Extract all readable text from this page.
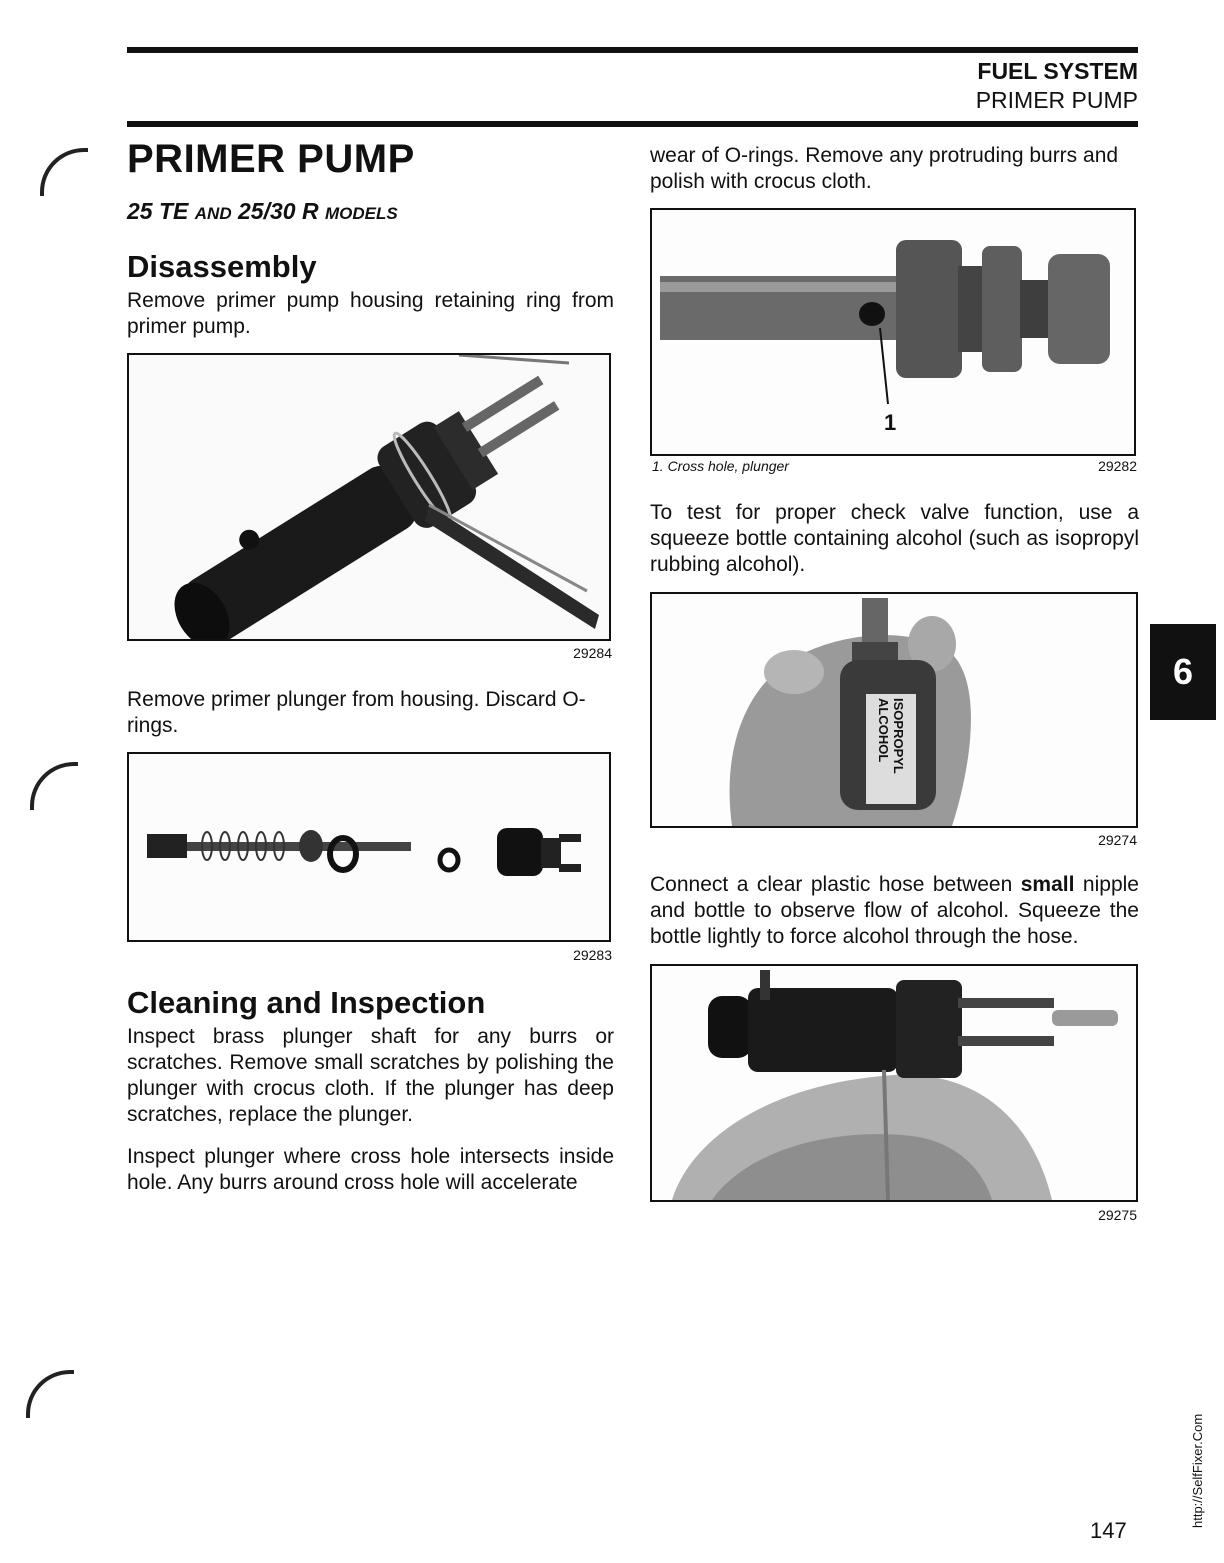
FUEL SYSTEM
PRIMER PUMP
PRIMER PUMP
25 TE AND 25/30 R MODELS
Disassembly
Remove primer pump housing retaining ring from primer pump.
29284
Remove primer plunger from housing. Discard O-rings.
29283
Cleaning and Inspection
Inspect brass plunger shaft for any burrs or scratches. Remove small scratches by polishing the plunger with crocus cloth. If the plunger has deep scratches, replace the plunger.
Inspect plunger where cross hole intersects inside hole. Any burrs around cross hole will accelerate
wear of O-rings. Remove any protruding burrs and polish with crocus cloth.
1
1. Cross hole, plunger	29282
To test for proper check valve function, use a squeeze bottle containing alcohol (such as isopropyl rubbing alcohol).
ISOPROPYL ALCOHOL
29274
Connect a clear plastic hose between small nipple and bottle to observe flow of alcohol. Squeeze the bottle lightly to force alcohol through the hose.
29275
6
http://SelfFixer.Com
147
